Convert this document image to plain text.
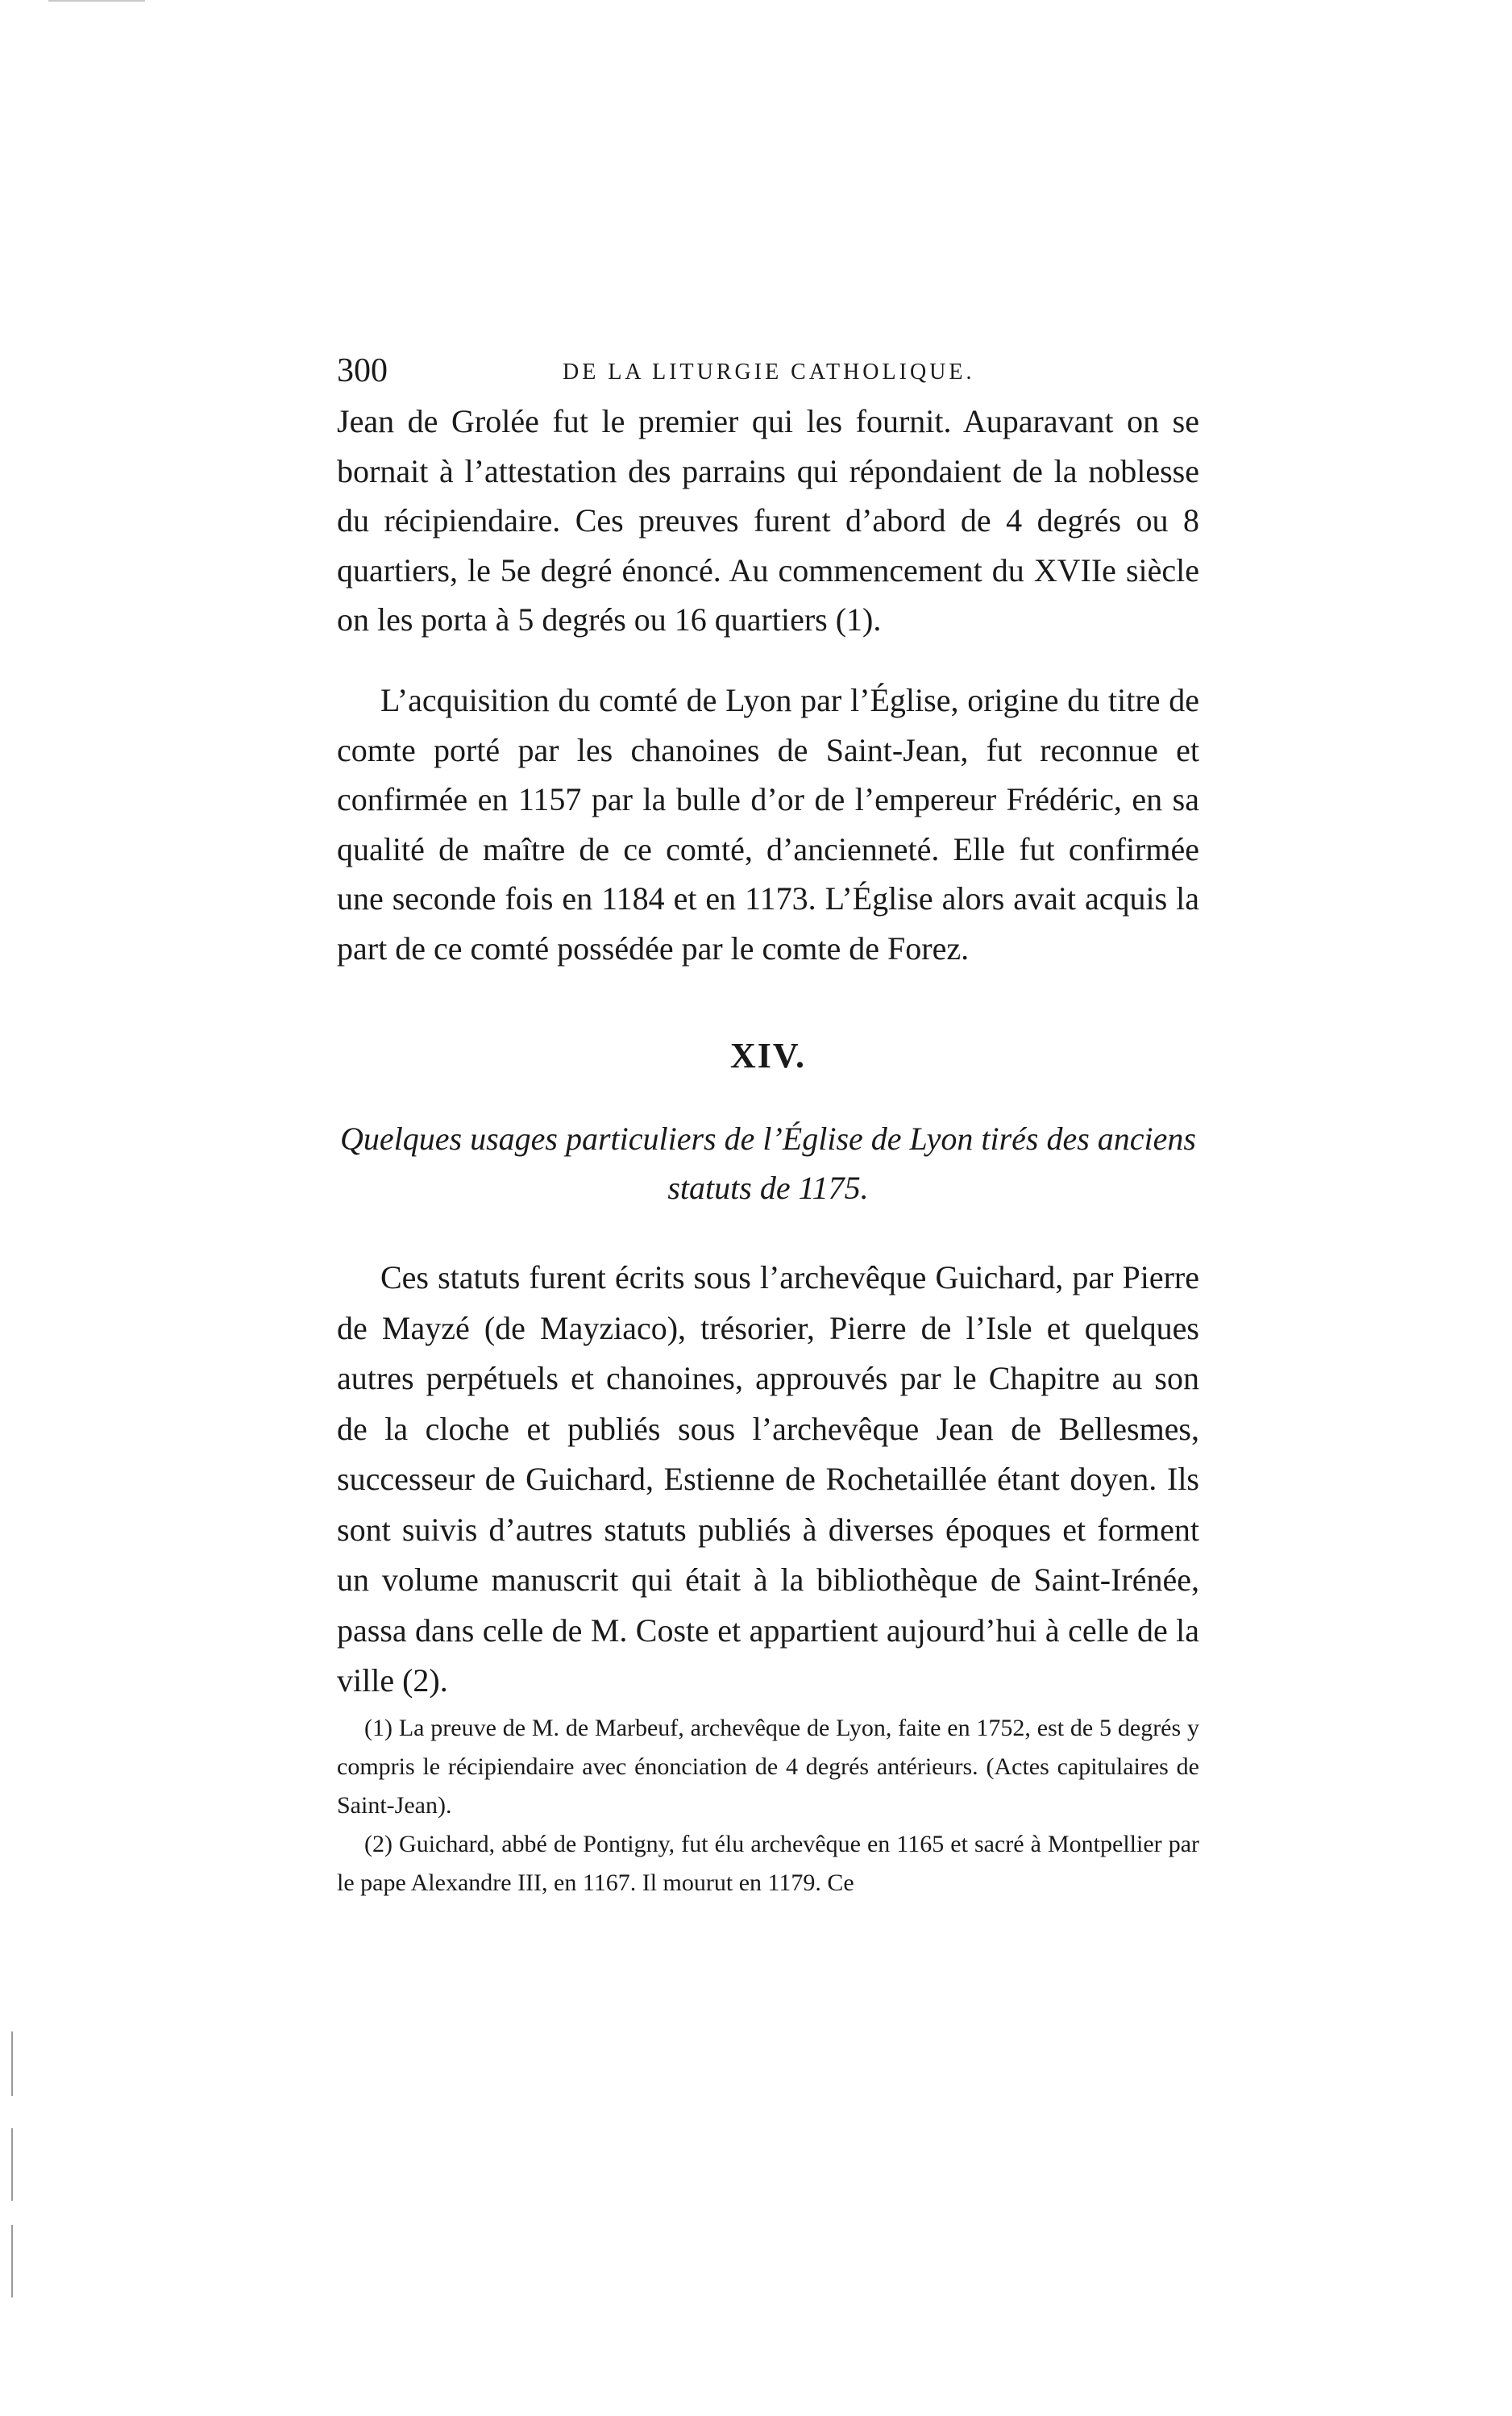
300	DE LA LITURGIE CATHOLIQUE.

Jean de Grolée fut le premier qui les fournit. Auparavant on se bornait à l’attestation des parrains qui répondaient de la noblesse du récipiendaire. Ces preuves furent d’abord de 4 degrés ou 8 quartiers, le 5e degré énoncé. Au commencement du XVIIe siècle on les porta à 5 degrés ou 16 quartiers (1).

L’acquisition du comté de Lyon par l’Église, origine du titre de comte porté par les chanoines de Saint-Jean, fut reconnue et confirmée en 1157 par la bulle d’or de l’empereur Frédéric, en sa qualité de maître de ce comté, d’ancienneté. Elle fut confirmée une seconde fois en 1184 et en 1173. L’Église alors avait acquis la part de ce comté possédée par le comte de Forez.

XIV.

Quelques usages particuliers de l’Église de Lyon tirés des anciens statuts de 1175.

Ces statuts furent écrits sous l’archevêque Guichard, par Pierre de Mayzé (de Mayziaco), trésorier, Pierre de l’Isle et quelques autres perpétuels et chanoines, approuvés par le Chapitre au son de la cloche et publiés sous l’archevêque Jean de Bellesmes, successeur de Guichard, Estienne de Rochetaillée étant doyen. Ils sont suivis d’autres statuts publiés à diverses époques et forment un volume manuscrit qui était à la bibliothèque de Saint-Irénée, passa dans celle de M. Coste et appartient aujourd’hui à celle de la ville (2).

(1) La preuve de M. de Marbeuf, archevêque de Lyon, faite en 1752, est de 5 degrés y compris le récipiendaire avec énonciation de 4 degrés antérieurs. (Actes capitulaires de Saint-Jean).

(2) Guichard, abbé de Pontigny, fut élu archevêque en 1165 et sacré à Montpellier par le pape Alexandre III, en 1167. Il mourut en 1179. Ce
